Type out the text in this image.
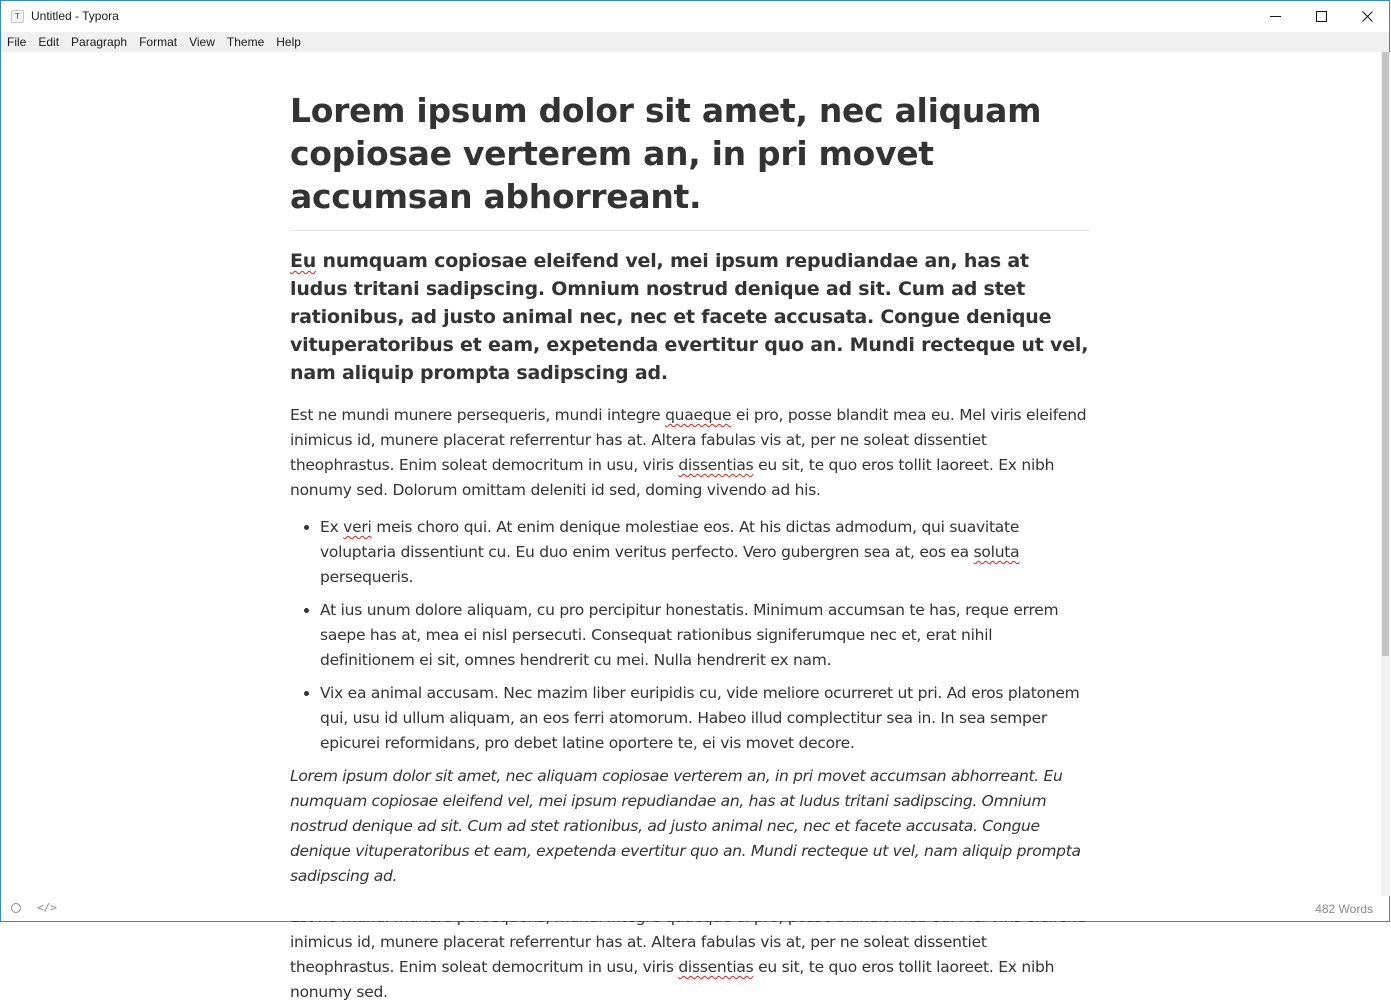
T Untitled - Typora
File	Edit	Paragraph	Format	View	Theme	Help
Lorem ipsum dolor sit amet, nec aliquam copiosae verterem an, in pri movet accumsan abhorreant.
Eu numquam copiosae eleifend vel, mei ipsum repudiandae an, has at ludus tritani sadipscing. Omnium nostrud denique ad sit. Cum ad stet rationibus, ad justo animal nec, nec et facete accusata. Congue denique vituperatoribus et eam, expetenda evertitur quo an. Mundi recteque ut vel, nam aliquip prompta sadipscing ad.

Est ne mundi munere persequeris, mundi integre quaeque ei pro, posse blandit mea eu. Mel viris eleifend inimicus id, munere placerat referrentur has at. Altera fabulas vis at, per ne soleat dissentiet theophrastus. Enim soleat democritum in usu, viris dissentias eu sit, te quo eros tollit laoreet. Ex nibh nonumy sed. Dolorum omittam deleniti id sed, doming vivendo ad his.

• Ex veri meis choro qui. At enim denique molestiae eos. At his dictas admodum, qui suavitate voluptaria dissentiunt cu. Eu duo enim veritus perfecto. Vero gubergren sea at, eos ea soluta persequeris.
• At ius unum dolore aliquam, cu pro percipitur honestatis. Minimum accumsan te has, reque errem saepe has at, mea ei nisl persecuti. Consequat rationibus signiferumque nec et, erat nihil definitionem ei sit, omnes hendrerit cu mei. Nulla hendrerit ex nam.
• Vix ea animal accusam. Nec mazim liber euripidis cu, vide meliore ocurreret ut pri. Ad eros platonem qui, usu id ullum aliquam, an eos ferri atomorum. Habeo illud complectitur sea in. In sea semper epicurei reformidans, pro debet latine oportere te, ei vis movet decore.

Lorem ipsum dolor sit amet, nec aliquam copiosae verterem an, in pri movet accumsan abhorreant. Eu numquam copiosae eleifend vel, mei ipsum repudiandae an, has at ludus tritani sadipscing. Omnium nostrud denique ad sit. Cum ad stet rationibus, ad justo animal nec, nec et facete accusata. Congue denique vituperatoribus et eam, expetenda evertitur quo an. Mundi recteque ut vel, nam aliquip prompta sadipscing ad.

inimicus id, munere placerat referrentur has at. Altera fabulas vis at, per ne soleat dissentiet theophrastus. Enim soleat democritum in usu, viris dissentias eu sit, te quo eros tollit laoreet. Ex nibh nonumy sed.

</>	482 Words
